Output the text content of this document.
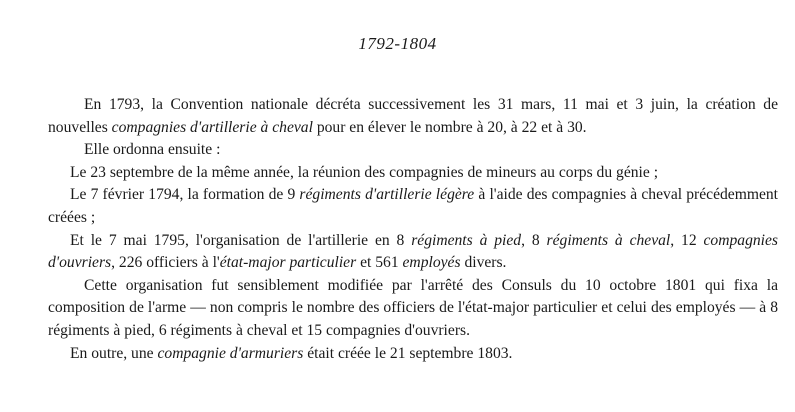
1792-1804

En 1793, la Convention nationale décréta successivement les 31 mars, 11 mai et 3 juin, la création de nouvelles compagnies d'artillerie à cheval pour en élever le nombre à 20, à 22 et à 30.

Elle ordonna ensuite :

Le 23 septembre de la même année, la réunion des compagnies de mineurs au corps du génie ;

Le 7 février 1794, la formation de 9 régiments d'artillerie légère à l'aide des compagnies à cheval précédemment créées ;

Et le 7 mai 1795, l'organisation de l'artillerie en 8 régiments à pied, 8 régiments à cheval, 12 compagnies d'ouvriers, 226 officiers à l'état-major particulier et 561 employés divers.

Cette organisation fut sensiblement modifiée par l'arrêté des Consuls du 10 octobre 1801 qui fixa la composition de l'arme — non compris le nombre des officiers de l'état-major particulier et celui des employés — à 8 régiments à pied, 6 régiments à cheval et 15 compagnies d'ouvriers.

En outre, une compagnie d'armuriers était créée le 21 septembre 1803.
